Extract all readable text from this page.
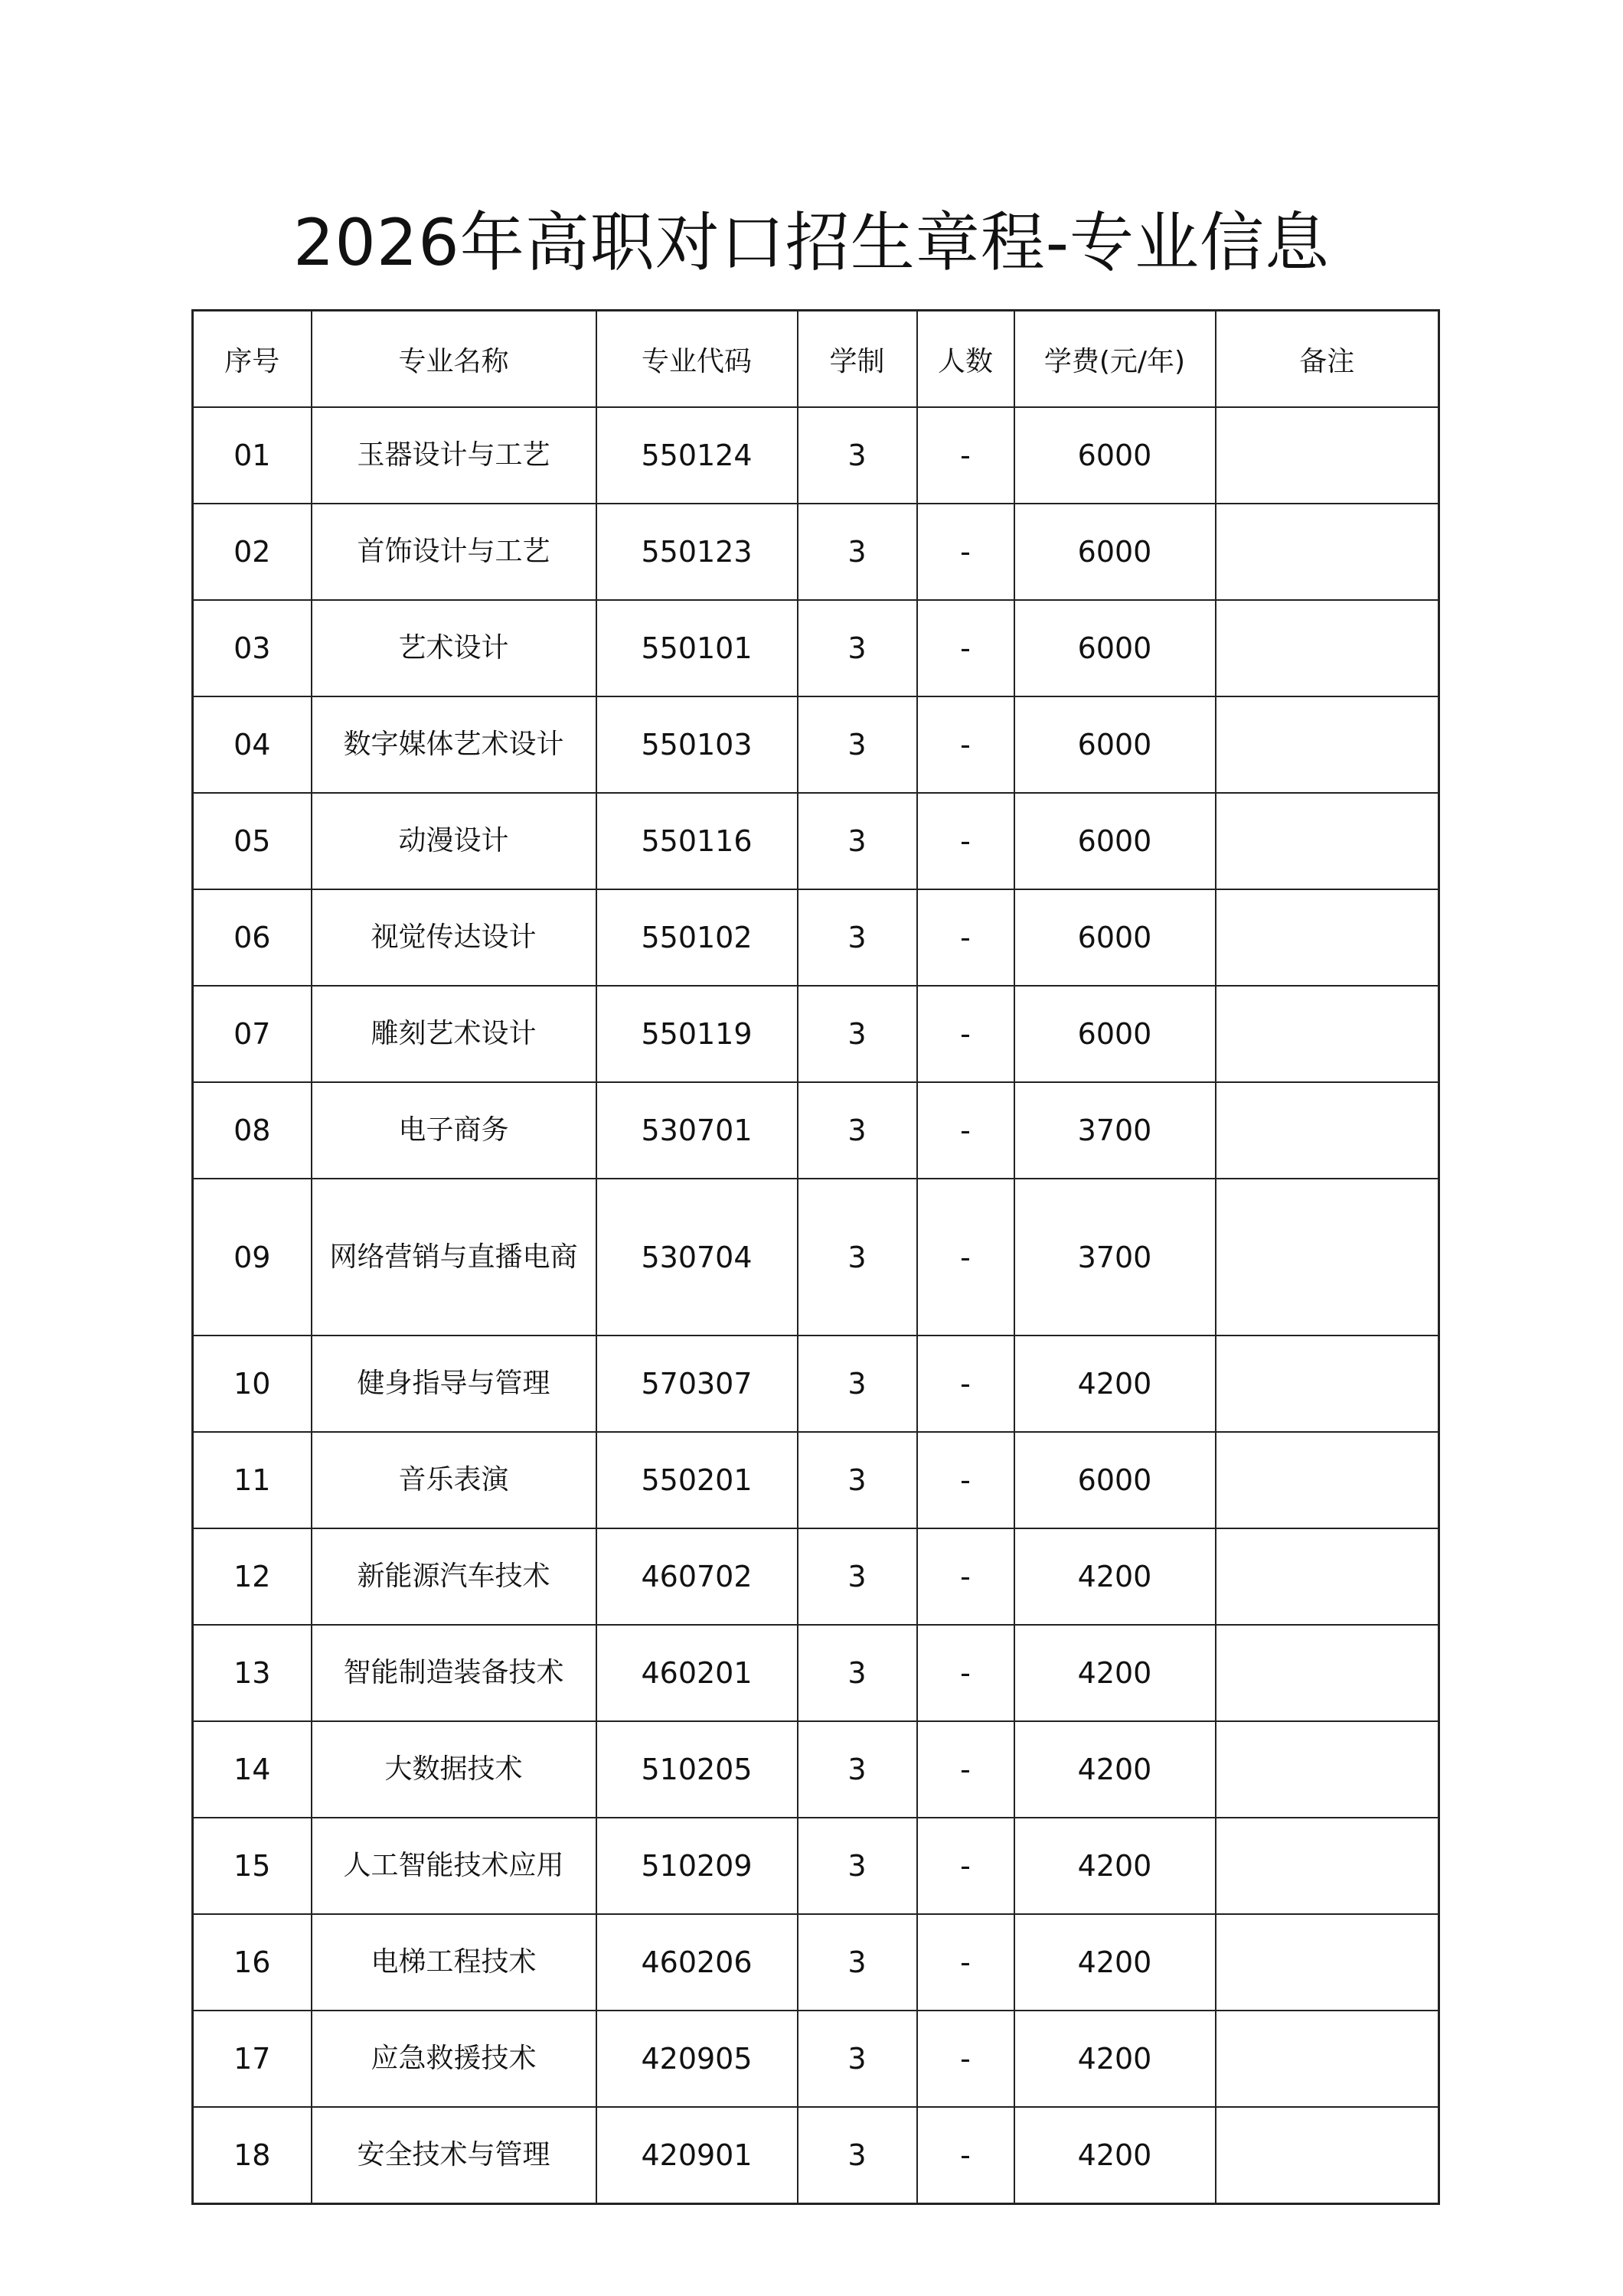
2026年高职对口招生章程-专业信息
序号	专业名称	专业代码	学制	人数	学费(元/年)	备注
01	玉器设计与工艺	550124	3	-	6000	
02	首饰设计与工艺	550123	3	-	6000	
03	艺术设计	550101	3	-	6000	
04	数字媒体艺术设计	550103	3	-	6000	
05	动漫设计	550116	3	-	6000	
06	视觉传达设计	550102	3	-	6000	
07	雕刻艺术设计	550119	3	-	6000	
08	电子商务	530701	3	-	3700	
09	网络营销与直播电商	530704	3	-	3700	
10	健身指导与管理	570307	3	-	4200	
11	音乐表演	550201	3	-	6000	
12	新能源汽车技术	460702	3	-	4200	
13	智能制造装备技术	460201	3	-	4200	
14	大数据技术	510205	3	-	4200	
15	人工智能技术应用	510209	3	-	4200	
16	电梯工程技术	460206	3	-	4200	
17	应急救援技术	420905	3	-	4200	
18	安全技术与管理	420901	3	-	4200	
